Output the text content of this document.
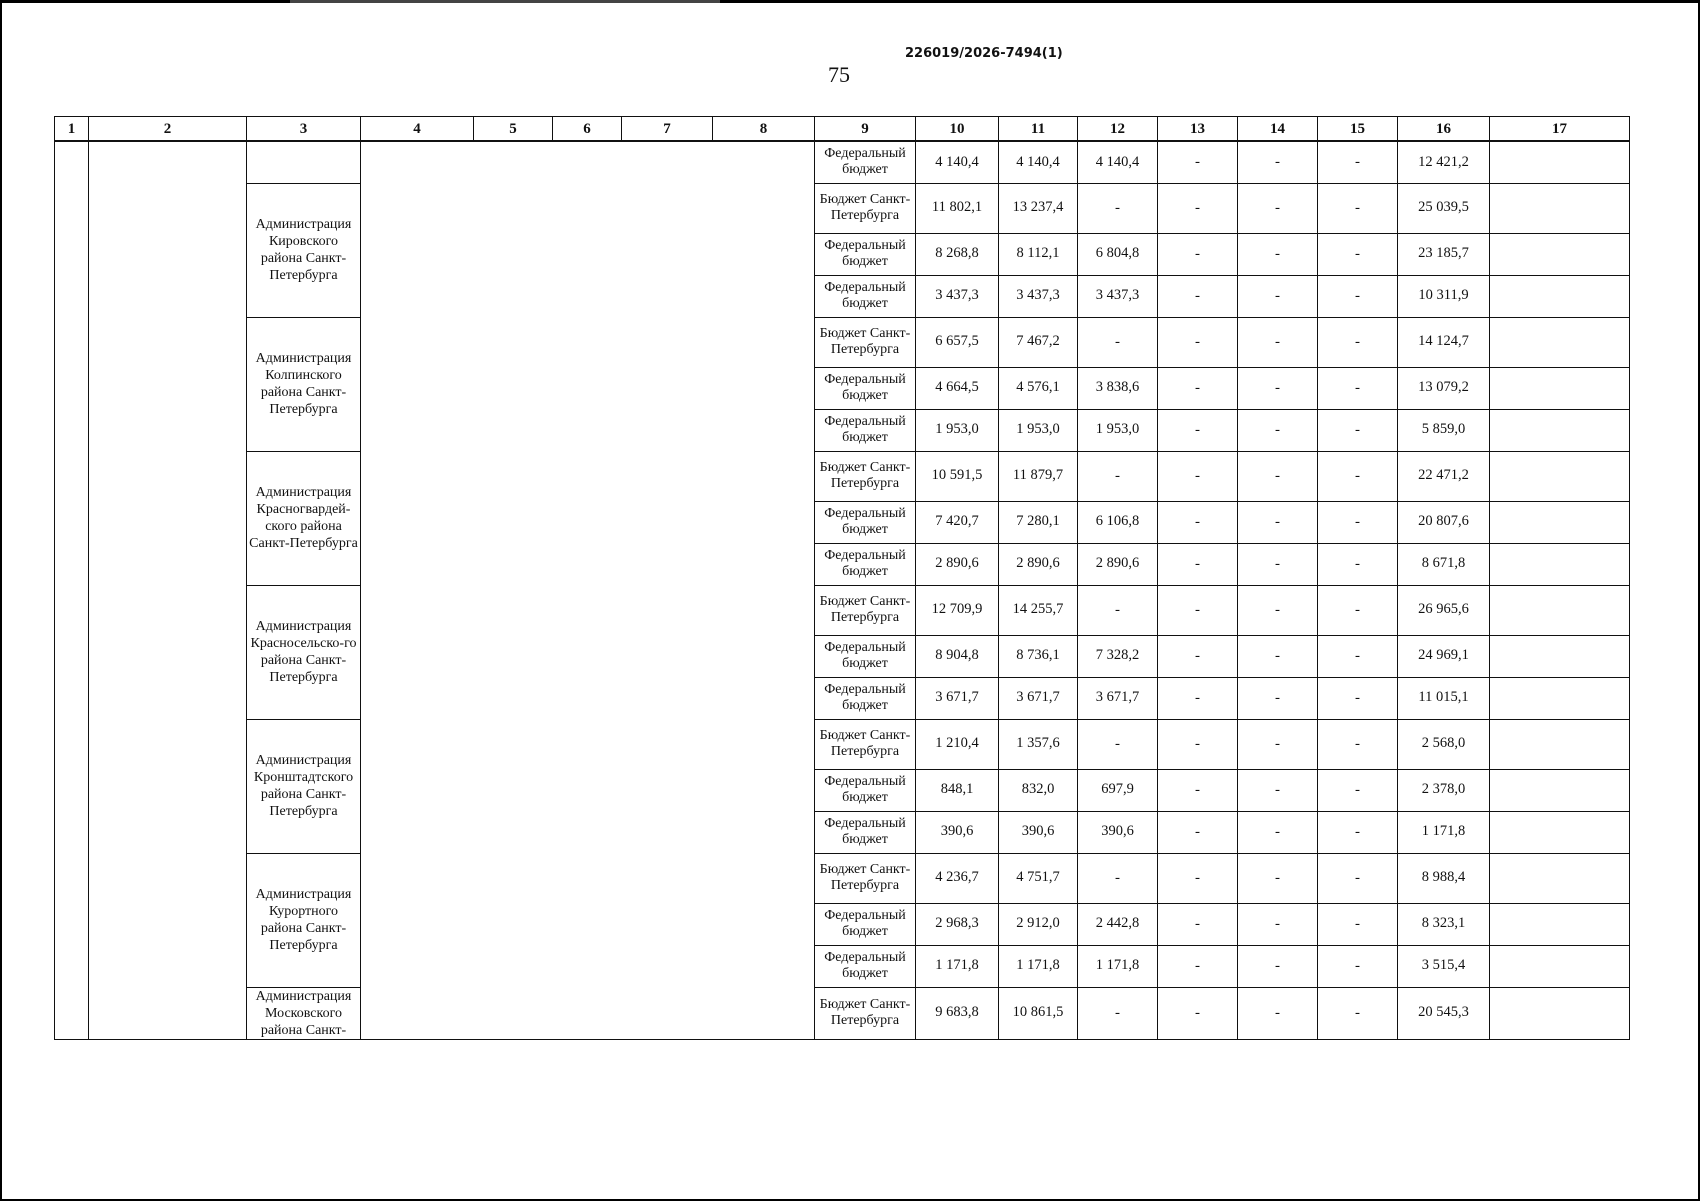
226019/2026-7494(1)
75
1	2	3	4	5	6	7	8	9	10	11	12	13	14	15	16	17
								Федеральный бюджет	4 140,4	4 140,4	4 140,4	-	-	-	12 421,2	
		Администрация Кировского района Санкт-Петербурга						Бюджет Санкт-Петербурга	11 802,1	13 237,4	-	-	-	-	25 039,5	
								Федеральный бюджет	8 268,8	8 112,1	6 804,8	-	-	-	23 185,7	
								Федеральный бюджет	3 437,3	3 437,3	3 437,3	-	-	-	10 311,9	
		Администрация Колпинского района Санкт-Петербурга						Бюджет Санкт-Петербурга	6 657,5	7 467,2	-	-	-	-	14 124,7	
								Федеральный бюджет	4 664,5	4 576,1	3 838,6	-	-	-	13 079,2	
								Федеральный бюджет	1 953,0	1 953,0	1 953,0	-	-	-	5 859,0	
		Администрация Красногвардей-ского района Санкт-Петербурга						Бюджет Санкт-Петербурга	10 591,5	11 879,7	-	-	-	-	22 471,2	
								Федеральный бюджет	7 420,7	7 280,1	6 106,8	-	-	-	20 807,6	
								Федеральный бюджет	2 890,6	2 890,6	2 890,6	-	-	-	8 671,8	
		Администрация Красносельско-го района Санкт-Петербурга						Бюджет Санкт-Петербурга	12 709,9	14 255,7	-	-	-	-	26 965,6	
								Федеральный бюджет	8 904,8	8 736,1	7 328,2	-	-	-	24 969,1	
								Федеральный бюджет	3 671,7	3 671,7	3 671,7	-	-	-	11 015,1	
		Администрация Кронштадтского района Санкт-Петербурга						Бюджет Санкт-Петербурга	1 210,4	1 357,6	-	-	-	-	2 568,0	
								Федеральный бюджет	848,1	832,0	697,9	-	-	-	2 378,0	
								Федеральный бюджет	390,6	390,6	390,6	-	-	-	1 171,8	
		Администрация Курортного района Санкт-Петербурга						Бюджет Санкт-Петербурга	4 236,7	4 751,7	-	-	-	-	8 988,4	
								Федеральный бюджет	2 968,3	2 912,0	2 442,8	-	-	-	8 323,1	
								Федеральный бюджет	1 171,8	1 171,8	1 171,8	-	-	-	3 515,4	
		Администрация Московского района Санкт-						Бюджет Санкт-Петербурга	9 683,8	10 861,5	-	-	-	-	20 545,3	
